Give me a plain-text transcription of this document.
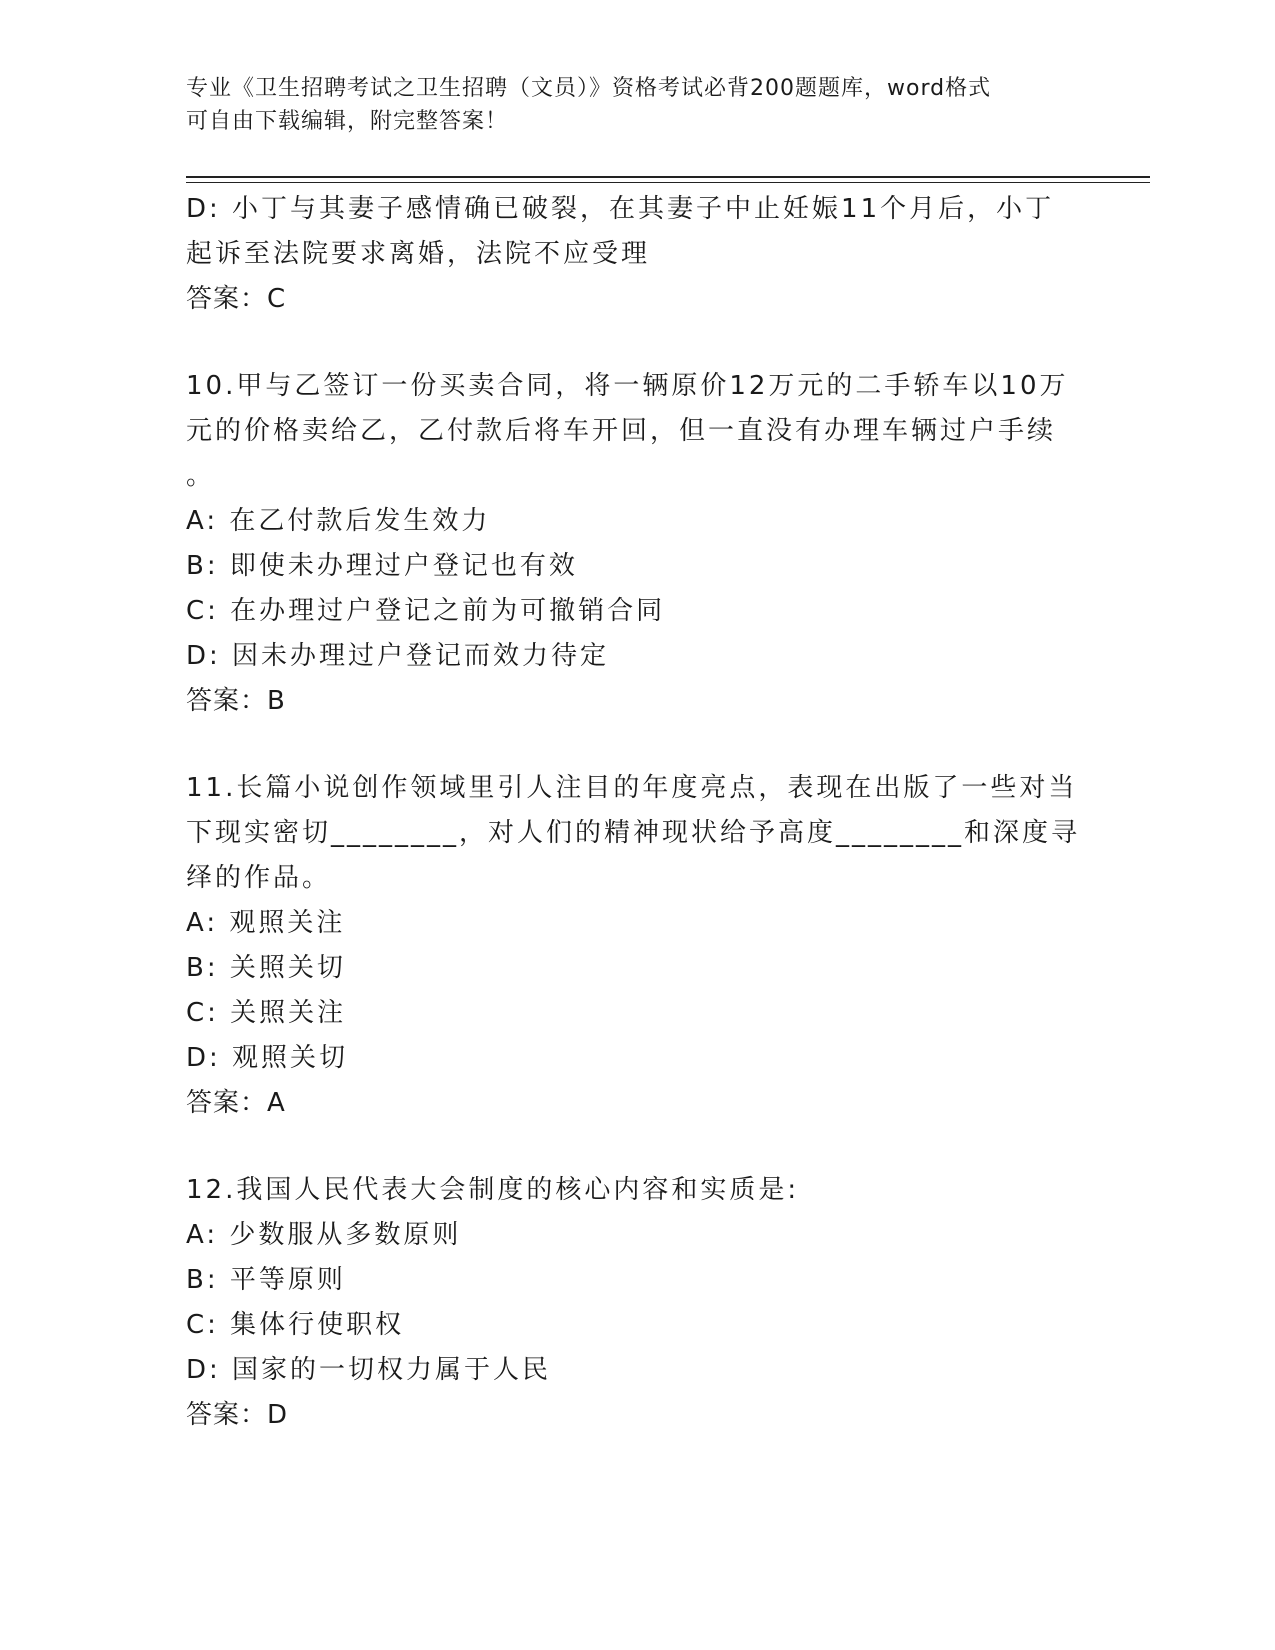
专业《卫生招聘考试之卫生招聘（文员）》资格考试必背200题题库，word格式
可自由下载编辑，附完整答案！
D: 小丁与其妻子感情确已破裂，在其妻子中止妊娠11个月后，小丁
起诉至法院要求离婚，法院不应受理
答案：C
10.甲与乙签订一份买卖合同，将一辆原价12万元的二手轿车以10万
元的价格卖给乙，乙付款后将车开回，但一直没有办理车辆过户手续
。
A: 在乙付款后发生效力
B: 即使未办理过户登记也有效
C: 在办理过户登记之前为可撤销合同
D: 因未办理过户登记而效力待定
答案：B
11.长篇小说创作领域里引人注目的年度亮点，表现在出版了一些对当
下现实密切________，对人们的精神现状给予高度________和深度寻
绎的作品。
A: 观照关注
B: 关照关切
C: 关照关注
D: 观照关切
答案：A
12.我国人民代表大会制度的核心内容和实质是:
A: 少数服从多数原则
B: 平等原则
C: 集体行使职权
D: 国家的一切权力属于人民
答案：D
